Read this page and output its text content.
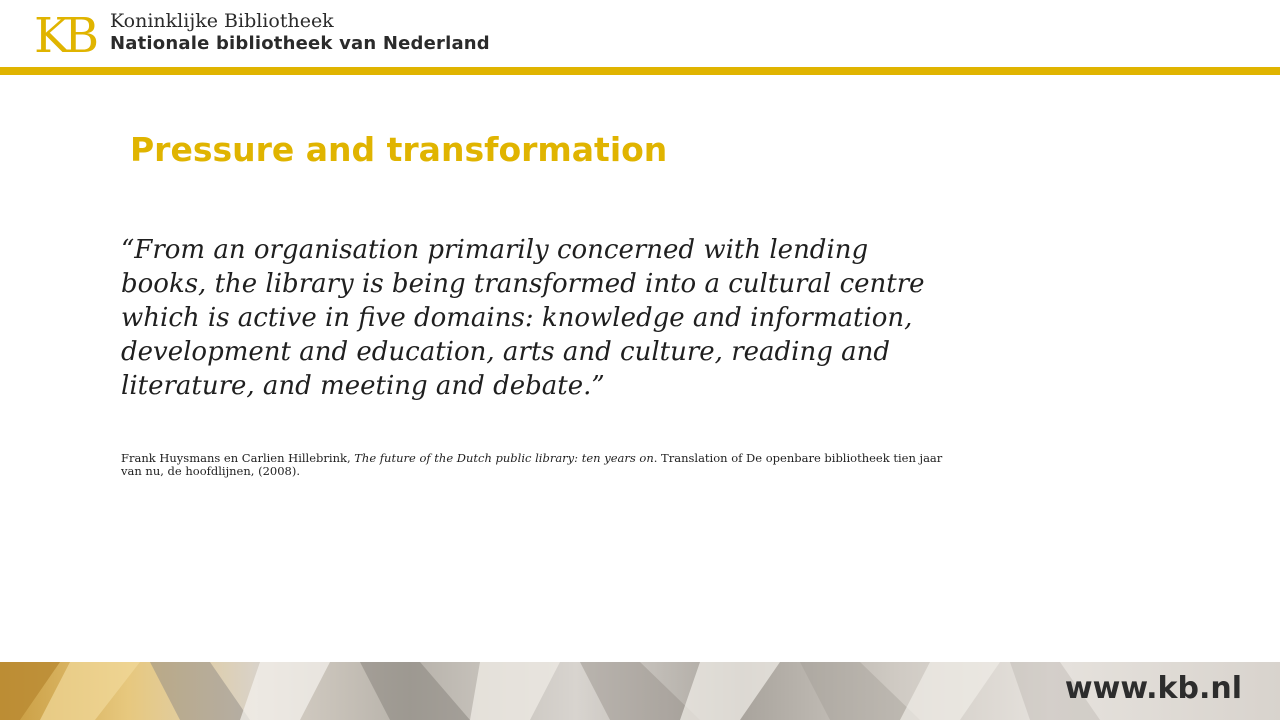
KB Koninklijke Bibliotheek
Nationale bibliotheek van Nederland
Pressure and transformation
“From an organisation primarily concerned with lending books, the library is being transformed into a cultural centre which is active in five domains: knowledge and information, development and education, arts and culture, reading and literature, and meeting and debate.”
Frank Huysmans en Carlien Hillebrink, The future of the Dutch public library: ten years on. Translation of De openbare bibliotheek tien jaar van nu, de hoofdlijnen, (2008).
www.kb.nl
